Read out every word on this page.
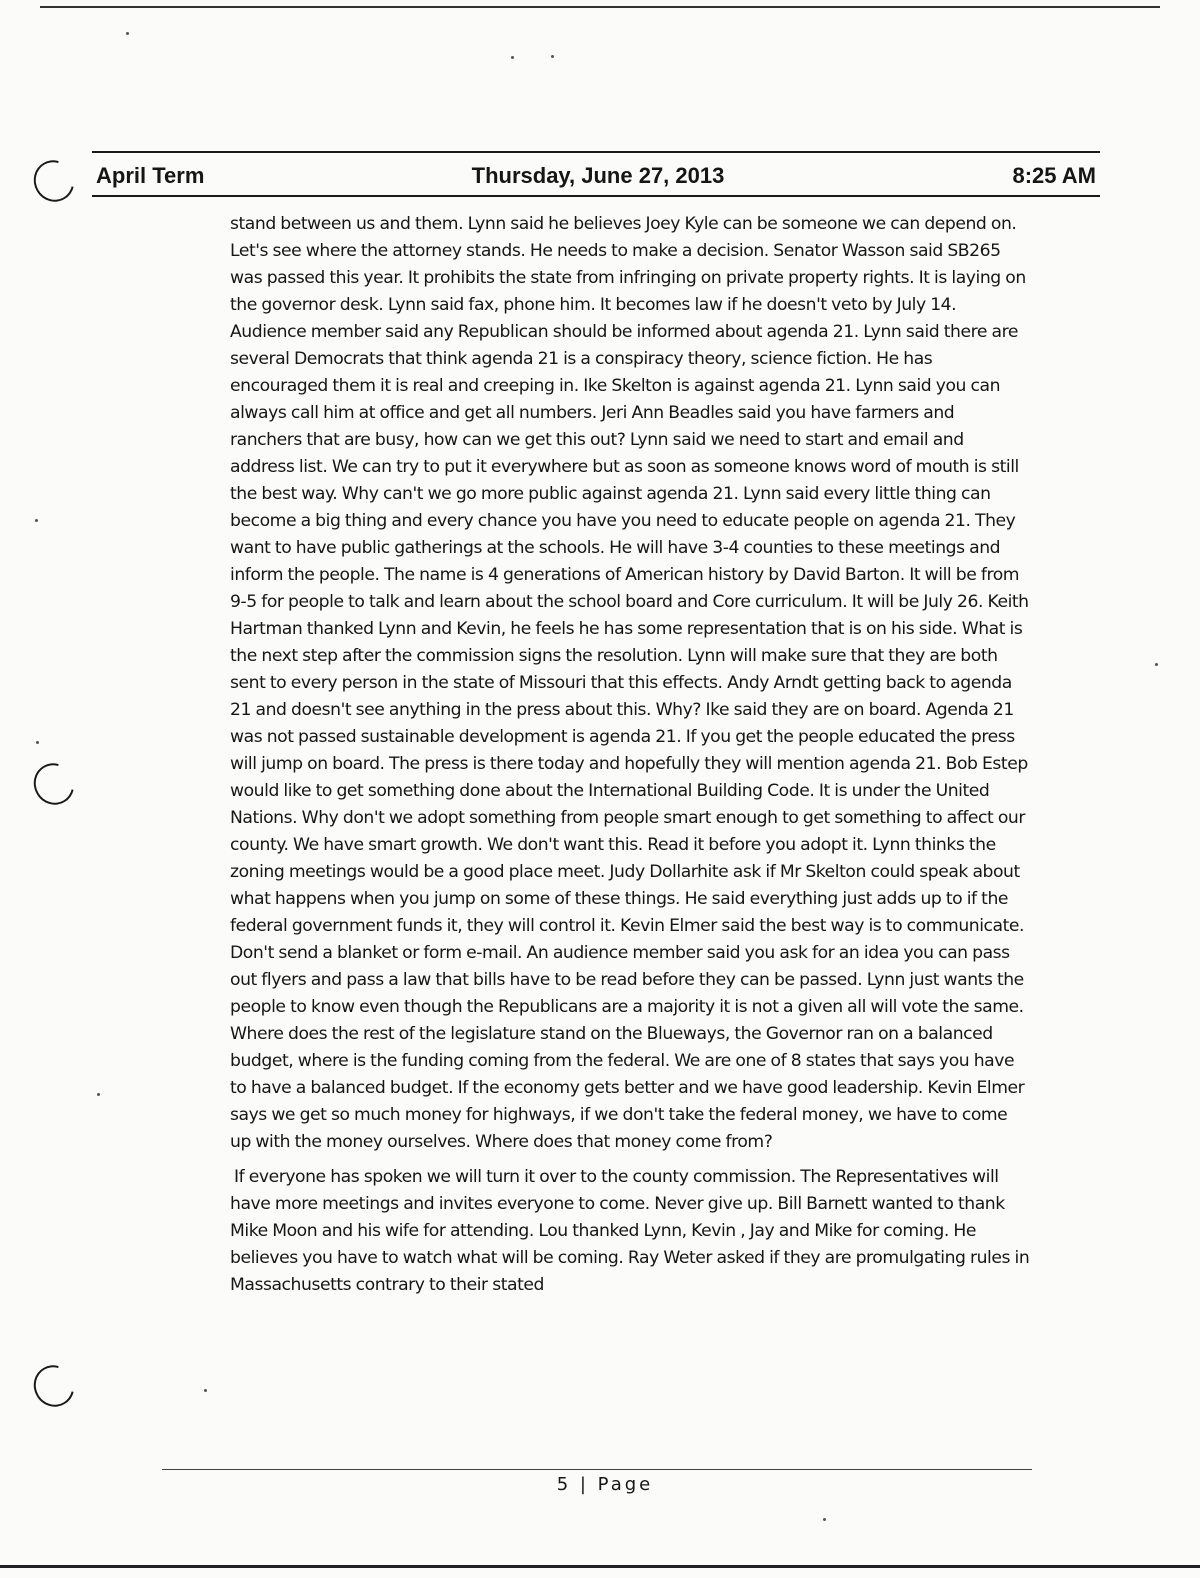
April Term	Thursday, June 27, 2013	8:25 AM

stand between us and them. Lynn said he believes Joey Kyle can be someone we can depend on. Let's see where the attorney stands. He needs to make a decision. Senator Wasson said SB265 was passed this year. It prohibits the state from infringing on private property rights. It is laying on the governor desk. Lynn said fax, phone him. It becomes law if he doesn't veto by July 14. Audience member said any Republican should be informed about agenda 21. Lynn said there are several Democrats that think agenda 21 is a conspiracy theory, science fiction. He has encouraged them it is real and creeping in. Ike Skelton is against agenda 21. Lynn said you can always call him at office and get all numbers. Jeri Ann Beadles said you have farmers and ranchers that are busy, how can we get this out? Lynn said we need to start and email and address list. We can try to put it everywhere but as soon as someone knows word of mouth is still the best way. Why can't we go more public against agenda 21. Lynn said every little thing can become a big thing and every chance you have you need to educate people on agenda 21. They want to have public gatherings at the schools. He will have 3-4 counties to these meetings and inform the people. The name is 4 generations of American history by David Barton. It will be from 9-5 for people to talk and learn about the school board and Core curriculum. It will be July 26. Keith Hartman thanked Lynn and Kevin, he feels he has some representation that is on his side. What is the next step after the commission signs the resolution. Lynn will make sure that they are both sent to every person in the state of Missouri that this effects. Andy Arndt getting back to agenda 21 and doesn't see anything in the press about this. Why? Ike said they are on board. Agenda 21 was not passed sustainable development is agenda 21. If you get the people educated the press will jump on board. The press is there today and hopefully they will mention agenda 21. Bob Estep would like to get something done about the International Building Code. It is under the United Nations. Why don't we adopt something from people smart enough to get something to affect our county. We have smart growth. We don't want this. Read it before you adopt it. Lynn thinks the zoning meetings would be a good place meet. Judy Dollarhite ask if Mr Skelton could speak about what happens when you jump on some of these things. He said everything just adds up to if the federal government funds it, they will control it. Kevin Elmer said the best way is to communicate. Don't send a blanket or form e-mail. An audience member said you ask for an idea you can pass out flyers and pass a law that bills have to be read before they can be passed. Lynn just wants the people to know even though the Republicans are a majority it is not a given all will vote the same. Where does the rest of the legislature stand on the Blueways, the Governor ran on a balanced budget, where is the funding coming from the federal. We are one of 8 states that says you have to have a balanced budget. If the economy gets better and we have good leadership. Kevin Elmer says we get so much money for highways, if we don't take the federal money, we have to come up with the money ourselves. Where does that money come from?

If everyone has spoken we will turn it over to the county commission. The Representatives will have more meetings and invites everyone to come. Never give up. Bill Barnett wanted to thank Mike Moon and his wife for attending. Lou thanked Lynn, Kevin , Jay and Mike for coming. He believes you have to watch what will be coming. Ray Weter asked if they are promulgating rules in Massachusetts contrary to their stated

5 | Page
